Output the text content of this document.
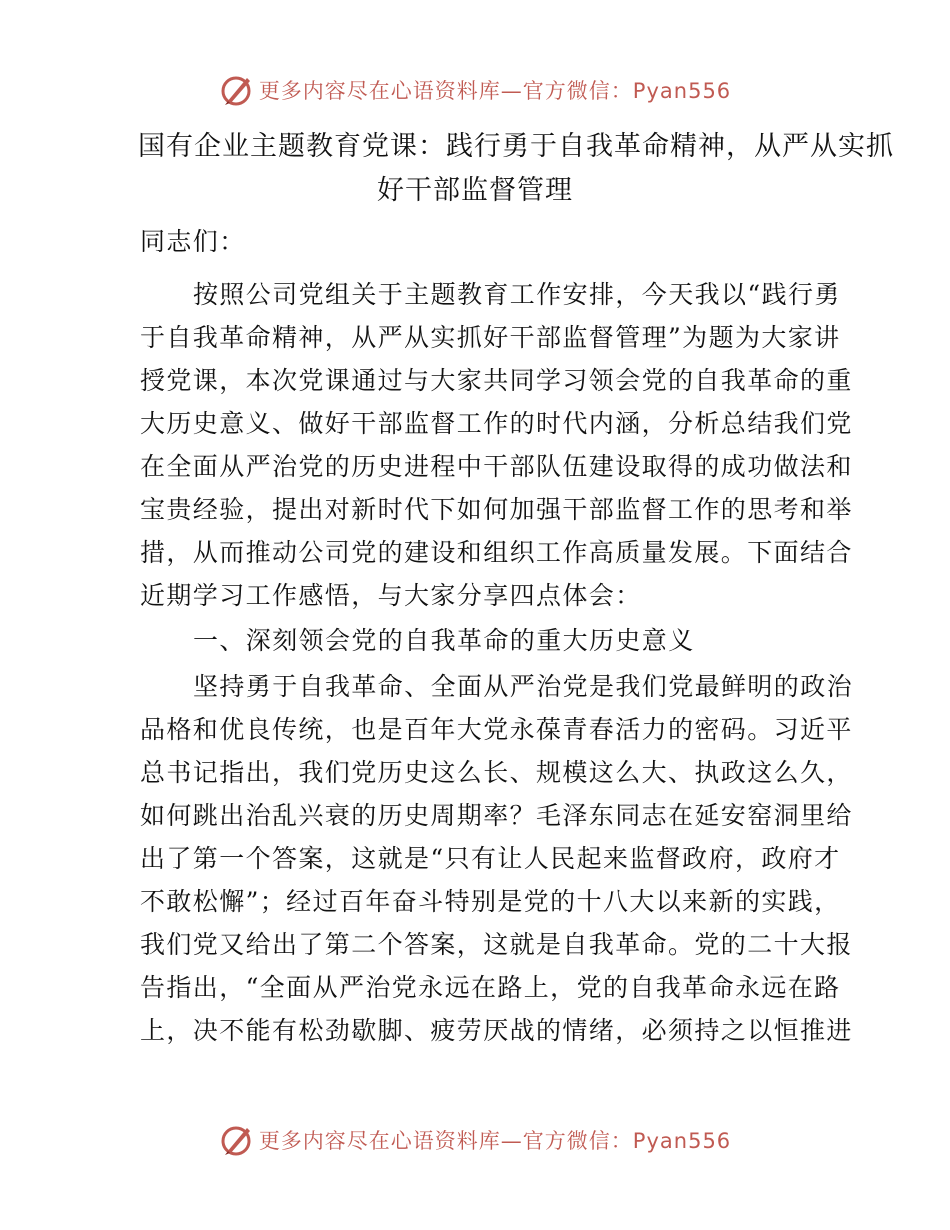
更多内容尽在心语资料库—官方微信：Pyan556
国有企业主题教育党课：践行勇于自我革命精神，从严从实抓
好干部监督管理
同志们：
按照公司党组关于主题教育工作安排，今天我以“践行勇
于自我革命精神，从严从实抓好干部监督管理”为题为大家讲
授党课，本次党课通过与大家共同学习领会党的自我革命的重
大历史意义、做好干部监督工作的时代内涵，分析总结我们党
在全面从严治党的历史进程中干部队伍建设取得的成功做法和
宝贵经验，提出对新时代下如何加强干部监督工作的思考和举
措，从而推动公司党的建设和组织工作高质量发展。下面结合
近期学习工作感悟，与大家分享四点体会：
一、深刻领会党的自我革命的重大历史意义
坚持勇于自我革命、全面从严治党是我们党最鲜明的政治
品格和优良传统，也是百年大党永葆青春活力的密码。习近平
总书记指出，我们党历史这么长、规模这么大、执政这么久，
如何跳出治乱兴衰的历史周期率？毛泽东同志在延安窑洞里给
出了第一个答案，这就是“只有让人民起来监督政府，政府才
不敢松懈”；经过百年奋斗特别是党的十八大以来新的实践，
我们党又给出了第二个答案，这就是自我革命。党的二十大报
告指出，“全面从严治党永远在路上，党的自我革命永远在路
上，决不能有松劲歇脚、疲劳厌战的情绪，必须持之以恒推进
更多内容尽在心语资料库—官方微信：Pyan556
